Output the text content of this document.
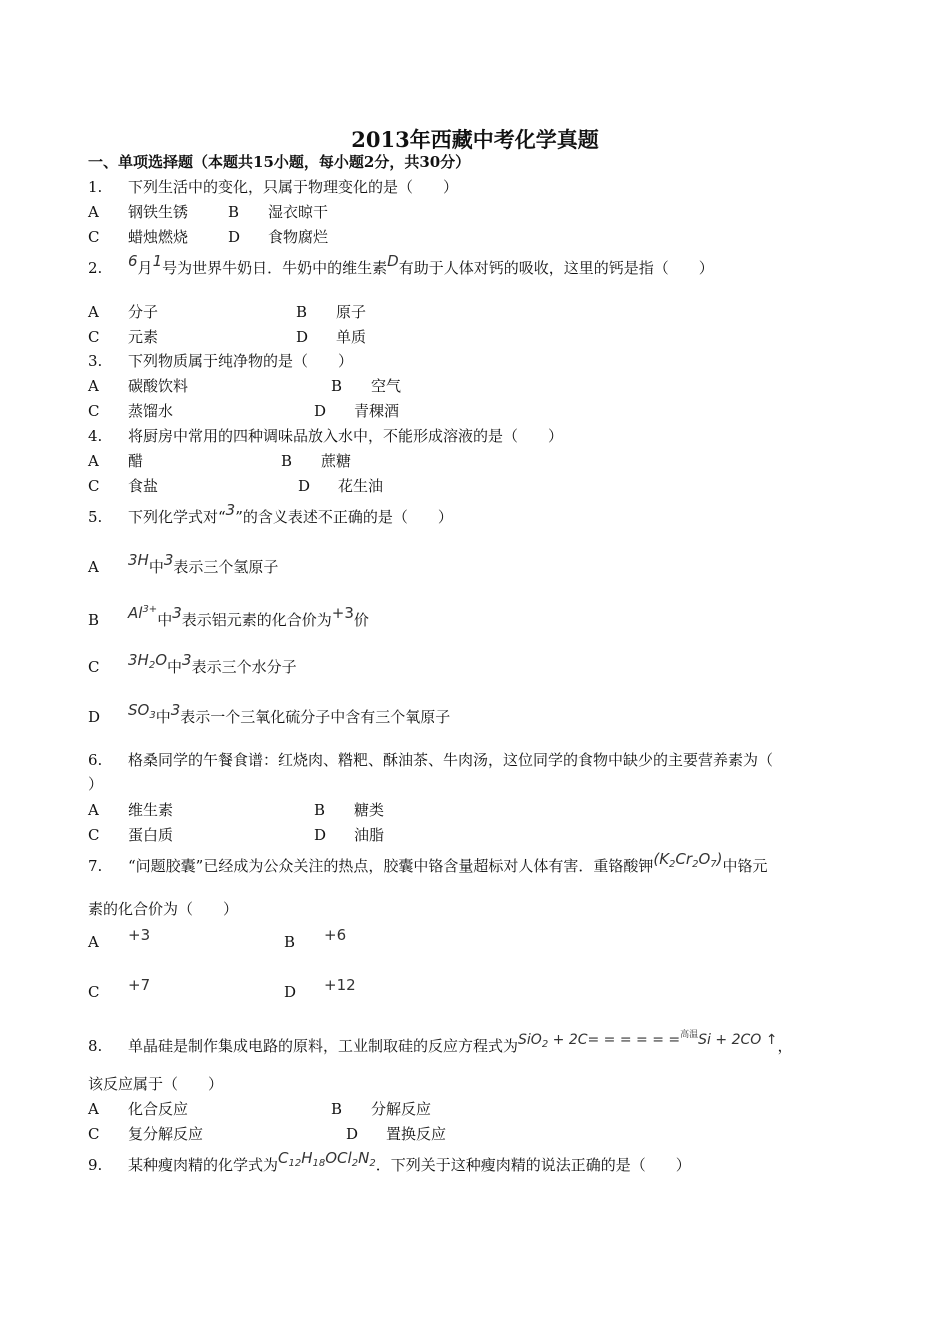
2013年西藏中考化学真题
一、单项选择题（本题共15小题，每小题2分，共30分）
1. 下列生活中的变化，只属于物理变化的是（　　）
A 钢铁生锈	B 湿衣晾干
C 蜡烛燃烧	D 食物腐烂
2. 6月1号为世界牛奶日．牛奶中的维生素D有助于人体对钙的吸收，这里的钙是指（　　）
A 分子	B 原子
C 元素	D 单质
3. 下列物质属于纯净物的是（　　）
A 碳酸饮料	B 空气
C 蒸馏水	D 青稞酒
4. 将厨房中常用的四种调味品放入水中，不能形成溶液的是（　　）
A 醋	B 蔗糖
C 食盐	D 花生油
5. 下列化学式对“3”的含义表述不正确的是（　　）
A 3H中3表示三个氢原子
B $Al^{3+}$中3表示铝元素的化合价为+3价
C $3H_2O$中3表示三个水分子
D $SO_3$中3表示一个三氧化硫分子中含有三个氧原子
6. 格桑同学的午餐食谱：红烧肉、糌粑、酥油茶、牛肉汤，这位同学的食物中缺少的主要营养素为（
）
A 维生素	B 糖类
C 蛋白质	D 油脂
7. “问题胶囊”已经成为公众关注的热点，胶囊中铬含量超标对人体有害．重铬酸钾$(K_2Cr_2O_7)$中铬元
素的化合价为（　　）
A +3	B +6
C +7	D +12
8. 单晶硅是制作集成电路的原料，工业制取硅的反应方程式为SiO$_2$ + 2C= = = = = =$^{高温}$Si + 2CO ↑，
该反应属于（　　）
A 化合反应	B 分解反应
C 复分解反应	D 置换反应
9. 某种瘦肉精的化学式为$C_{12}H_{18}OCl_2N_2$．下列关于这种瘦肉精的说法正确的是（　　）
